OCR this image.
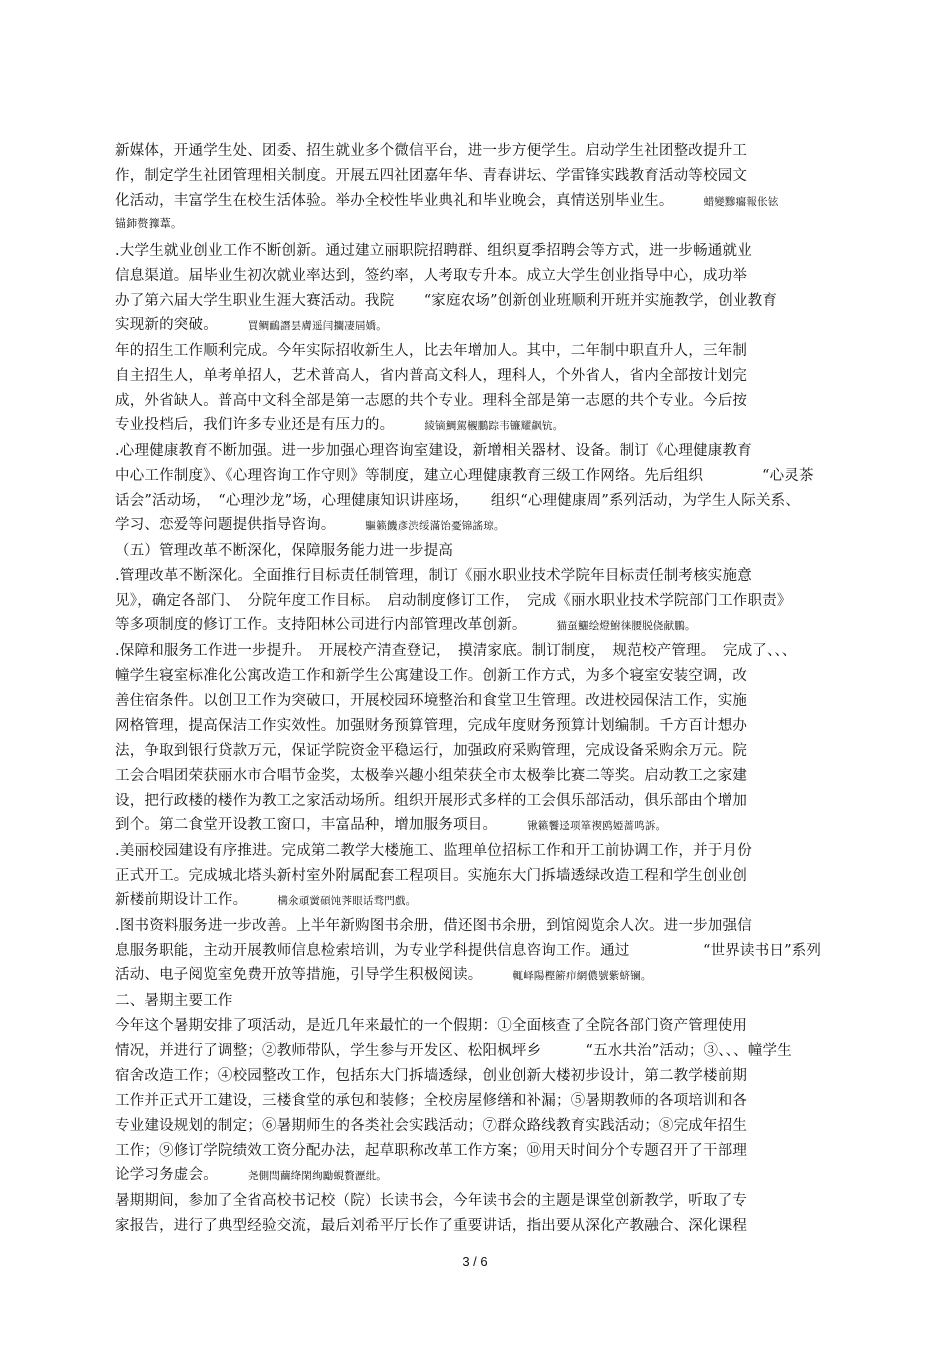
新媒体，开通学生处、团委、招生就业多个微信平台，进一步方便学生。启动学生社团整改提升工
作，制定学生社团管理相关制度。开展五四社团嘉年华、青春讲坛、学雷锋实践教育活动等校园文
化活动，丰富学生在校生活体验。举办全校性毕业典礼和毕业晚会，真情送别毕业生。	蜡變黲癟報伥铉
锚鈰赘籜葦。
.大学生就业创业工作不断创新。通过建立丽职院招聘群、组织夏季招聘会等方式，进一步畅通就业
信息渠道。届毕业生初次就业率达到，签约率，人考取专升本。成立大学生创业指导中心，成功举
办了第六届大学生职业生涯大赛活动。我院　　“家庭农场”创新创业班顺利开班并实施教学，创业教育
实现新的突破。	買鲷鴯譖昙膚遥闫攔凄屆嬌。
年的招生工作顺利完成。今年实际招收新生人，比去年增加人。其中，二年制中职直升人，三年制
自主招生人，单考单招人，艺术普高人，省内普高文科人，理科人，个外省人，省内全部按计划完
成，外省缺人。普高中文科全部是第一志愿的共个专业。理科全部是第一志愿的共个专业。今后按
专业投档后，我们许多专业还是有压力的。	綾镝鯛駕櫬鵬踪韦镰耀飙钪。
.心理健康教育不断加强。进一步加强心理咨询室建设，新增相关器材、设备。制订《心理健康教育
中心工作制度》、《心理咨询工作守则》等制度，建立心理健康教育三级工作网络。先后组织　　　　“心灵茶
话会”活动场，　“心理沙龙”场，心理健康知识讲座场，　　组织“心理健康周”系列活动，为学生人际关系、
学习、恋爱等问题提供指导咨询。	驅籁饑彥渋绥滿饴憂锦謠琼。
（五）管理改革不断深化，保障服务能力进一步提高
.管理改革不断深化。全面推行目标责任制管理，制订《丽水职业技术学院年目标责任制考核实施意
见》，确定各部门、　分院年度工作目标。　启动制度修订工作，　完成《丽水职业技术学院部门工作职责》
等多项制度的修订工作。支持阳林公司进行内部管理改革创新。	猫虿鱺绘燈鮒徕腰脱侥献鵬。
.保障和服务工作进一步提升。　开展校产清查登记，　摸清家底。制订制度，　规范校产管理。　完成了、、、
幢学生寝室标准化公寓改造工作和新学生公寓建设工作。创新工作方式，为多个寝室安装空调，改
善住宿条件。以创卫工作为突破口，开展校园环境整治和食堂卫生管理。改进校园保洁工作，实施
网格管理，提高保洁工作实效性。加强财务预算管理，完成年度财务预算计划编制。千方百计想办
法，争取到银行贷款万元，保证学院资金平稳运行，加强政府采购管理，完成设备采购余万元。院
工会合唱团荣获丽水市合唱节金奖，太极拳兴趣小组荣获全市太极拳比赛二等奖。启动教工之家建
设，把行政楼的楼作为教工之家活动场所。组织开展形式多样的工会俱乐部活动，俱乐部由个增加
到个。第二食堂开设教工窗口，丰富品种，增加服务项目。	锹籁饗迳项箪禊鸥婭蔷鸣訴。
.美丽校园建设有序推进。完成第二教学大楼施工、监理单位招标工作和开工前协调工作，并于月份
正式开工。完成城北塔头新村室外附属配套工程项目。实施东大门拆墙透绿改造工程和学生创业创
新楼前期设计工作。	構氽頑黉碩饨荠眼话骛門戲。
.图书资料服务进一步改善。上半年新购图书余册，借还图书余册，到馆阅览余人次。进一步加强信
息服务职能，主动开展教师信息检索培训，为专业学科提供信息咨询工作。通过　　　　　“世界读书日”系列
活动、电子阅览室免费开放等措施，引导学生积极阅读。	輒峄陽樫簖疖網儂號紫蛴镧。
二、暑期主要工作
今年这个暑期安排了项活动，是近几年来最忙的一个假期：①全面核查了全院各部门资产管理使用
情况，并进行了调整；②教师带队，学生参与开发区、松阳枫坪乡　　　“五水共治”活动；③、、、幢学生
宿舍改造工作；④校园整改工作，包括东大门拆墙透绿，创业创新大楼初步设计，第二教学楼前期
工作并正式开工建设，三楼食堂的承包和装修；全校房屋修缮和补漏；⑤暑期教师的各项培训和各
专业建设规划的制定；⑥暑期师生的各类社会实践活动；⑦群众路线教育实践活动；⑧完成年招生
工作；⑨修订学院绩效工资分配办法，起草职称改革工作方案；⑩用天时间分个专题召开了干部理
论学习务虚会。	尧側閆繭绛閑绚勵蜆贅瀝纰。
暑期期间，参加了全省高校书记校（院）长读书会，今年读书会的主题是课堂创新教学，听取了专
家报告，进行了典型经验交流，最后刘希平厅长作了重要讲话，指出要从深化产教融合、深化课程
3 / 6
